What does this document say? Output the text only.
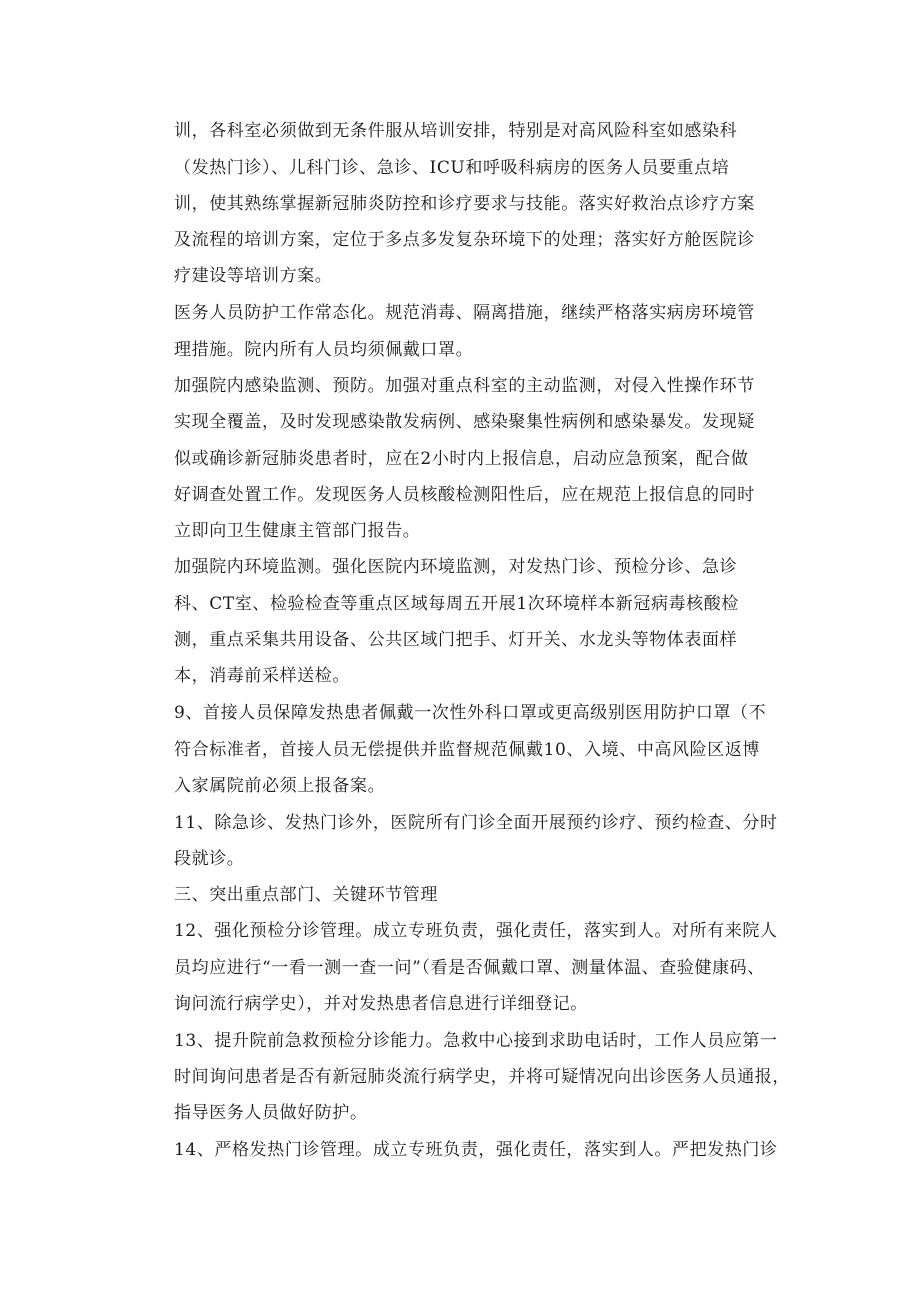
训，各科室必须做到无条件服从培训安排，特别是对高风险科室如感染科
（发热门诊）、儿科门诊、急诊、ICU和呼吸科病房的医务人员要重点培
训，使其熟练掌握新冠肺炎防控和诊疗要求与技能。落实好救治点诊疗方案
及流程的培训方案，定位于多点多发复杂环境下的处理；落实好方舱医院诊
疗建设等培训方案。
医务人员防护工作常态化。规范消毒、隔离措施，继续严格落实病房环境管
理措施。院内所有人员均须佩戴口罩。
加强院内感染监测、预防。加强对重点科室的主动监测，对侵入性操作环节
实现全覆盖，及时发现感染散发病例、感染聚集性病例和感染暴发。发现疑
似或确诊新冠肺炎患者时，应在2小时内上报信息，启动应急预案，配合做
好调查处置工作。发现医务人员核酸检测阳性后，应在规范上报信息的同时
立即向卫生健康主管部门报告。
加强院内环境监测。强化医院内环境监测，对发热门诊、预检分诊、急诊
科、CT室、检验检查等重点区域每周五开展1次环境样本新冠病毒核酸检
测，重点采集共用设备、公共区域门把手、灯开关、水龙头等物体表面样
本，消毒前采样送检。
9、首接人员保障发热患者佩戴一次性外科口罩或更高级别医用防护口罩（不
符合标准者，首接人员无偿提供并监督规范佩戴10、入境、中高风险区返博
入家属院前必须上报备案。
11、除急诊、发热门诊外，医院所有门诊全面开展预约诊疗、预约检查、分时
段就诊。
三、突出重点部门、关键环节管理
12、强化预检分诊管理。成立专班负责，强化责任，落实到人。对所有来院人
员均应进行“一看一测一查一问”（看是否佩戴口罩、测量体温、查验健康码、
询问流行病学史），并对发热患者信息进行详细登记。
13、提升院前急救预检分诊能力。急救中心接到求助电话时，工作人员应第一
时间询问患者是否有新冠肺炎流行病学史，并将可疑情况向出诊医务人员通报，
指导医务人员做好防护。
14、严格发热门诊管理。成立专班负责，强化责任，落实到人。严把发热门诊
